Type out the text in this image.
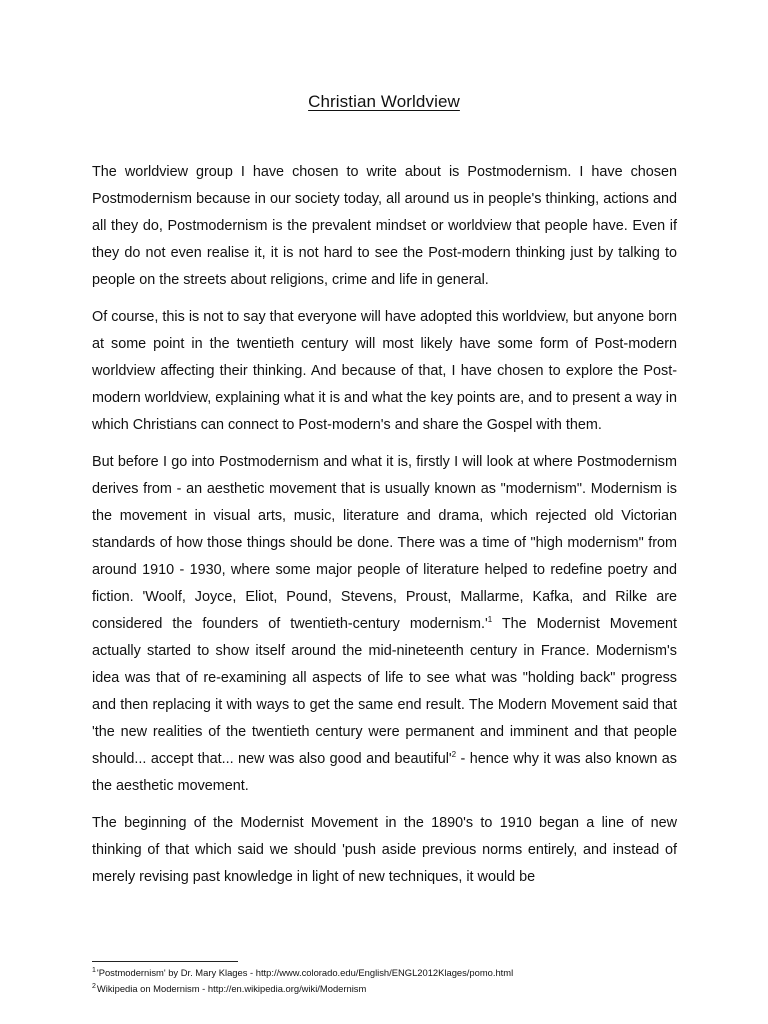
Christian Worldview

The worldview group I have chosen to write about is Postmodernism. I have chosen Postmodernism because in our society today, all around us in people's thinking, actions and all they do, Postmodernism is the prevalent mindset or worldview that people have. Even if they do not even realise it, it is not hard to see the Post-modern thinking just by talking to people on the streets about religions, crime and life in general.

Of course, this is not to say that everyone will have adopted this worldview, but anyone born at some point in the twentieth century will most likely have some form of Post-modern worldview affecting their thinking. And because of that, I have chosen to explore the Post-modern worldview, explaining what it is and what the key points are, and to present a way in which Christians can connect to Post-modern's and share the Gospel with them.

But before I go into Postmodernism and what it is, firstly I will look at where Postmodernism derives from - an aesthetic movement that is usually known as "modernism". Modernism is the movement in visual arts, music, literature and drama, which rejected old Victorian standards of how those things should be done. There was a time of "high modernism" from around 1910 - 1930, where some major people of literature helped to redefine poetry and fiction. 'Woolf, Joyce, Eliot, Pound, Stevens, Proust, Mallarme, Kafka, and Rilke are considered the founders of twentieth-century $modernism.'^1$ The Modernist Movement actually started to show itself around the mid-nineteenth century in France. Modernism's idea was that of re-examining all aspects of life to see what was "holding back" progress and then replacing it with ways to get the same end result. The Modern Movement said that 'the new realities of the twentieth century were permanent and imminent and that people should... accept that... new was also good and $beautiful'^2$ - hence why it was also known as the aesthetic movement.

The beginning of the Modernist Movement in the 1890's to 1910 began a line of new thinking of that which said we should 'push aside previous norms entirely, and instead of merely revising past knowledge in light of new techniques, it would be

$^1$'Postmodernism' by Dr. Mary Klages - http://www.colorado.edu/English/ENGL2012Klages/pomo.html

$^2$Wikipedia on Modernism - http://en.wikipedia.org/wiki/Modernism
